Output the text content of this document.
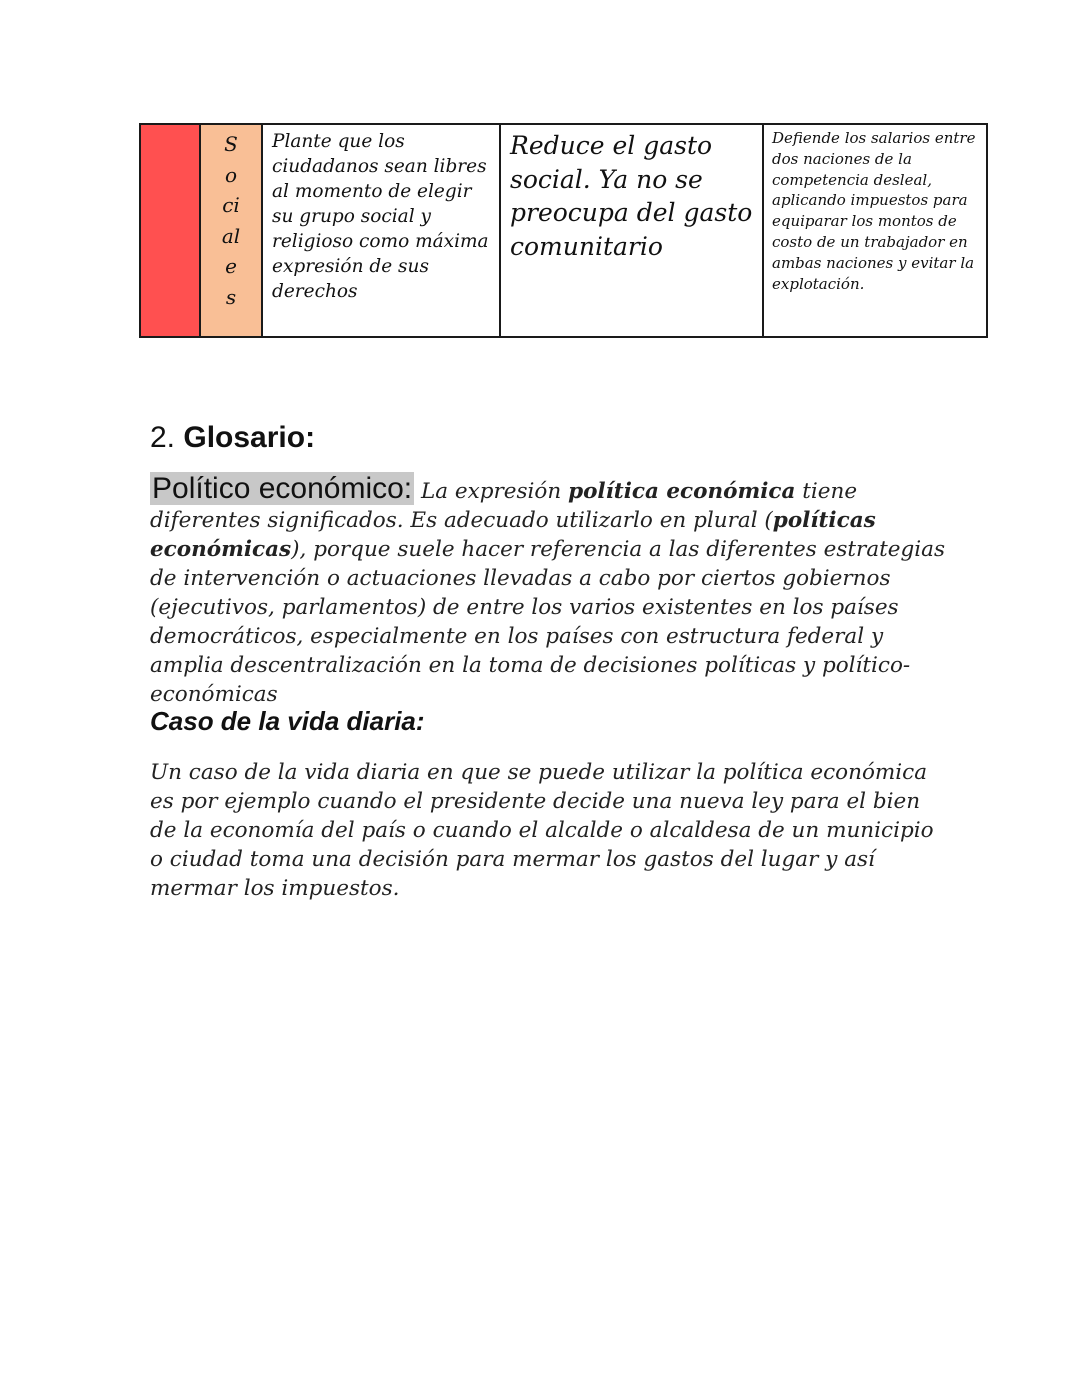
S
o
ci
al
e
s
Plante que los ciudadanos sean libres al momento de elegir su grupo social y religioso como máxima expresión de sus derechos
Reduce el gasto social. Ya no se preocupa del gasto comunitario
Defiende los salarios entre dos naciones de la competencia desleal, aplicando impuestos para equiparar los montos de costo de un trabajador en ambas naciones y evitar la explotación.
2. Glosario:
Político económico: La expresión política económica tiene diferentes significados. Es adecuado utilizarlo en plural (políticas económicas), porque suele hacer referencia a las diferentes estrategias de intervención o actuaciones llevadas a cabo por ciertos gobiernos (ejecutivos, parlamentos) de entre los varios existentes en los países democráticos, especialmente en los países con estructura federal y amplia descentralización en la toma de decisiones políticas y político-económicas
Caso de la vida diaria:
Un caso de la vida diaria en que se puede utilizar la política económica es por ejemplo cuando el presidente decide una nueva ley para el bien de la economía del país o cuando el alcalde o alcaldesa de un municipio o ciudad toma una decisión para mermar los gastos del lugar y así mermar los impuestos.
